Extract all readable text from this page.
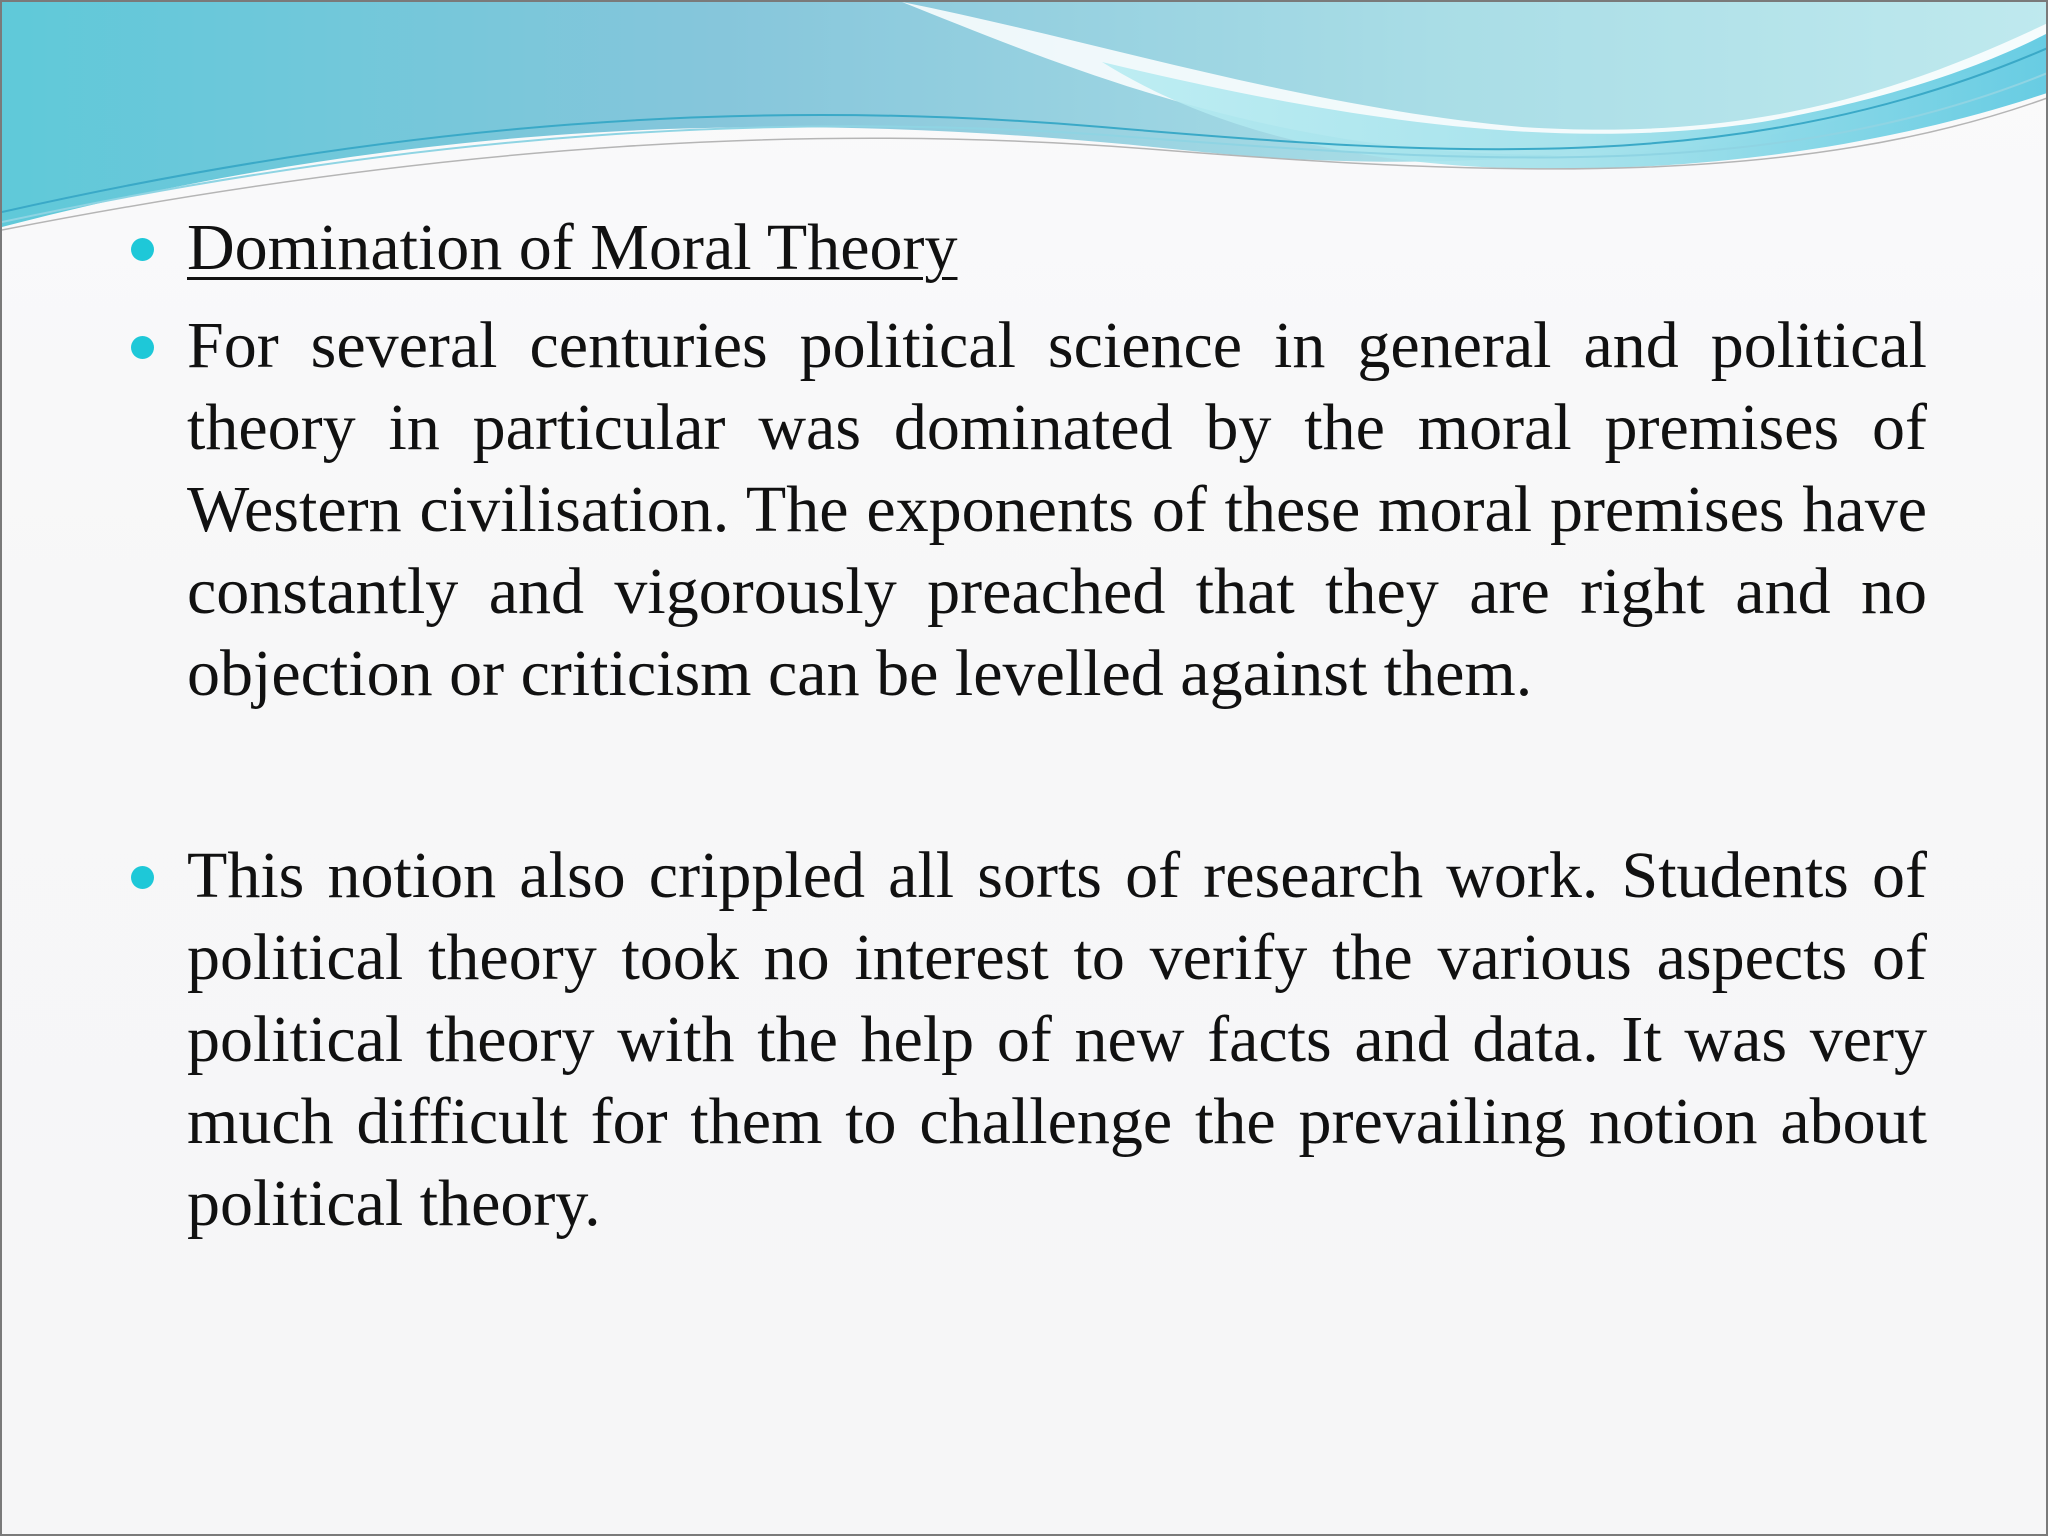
Domination of Moral Theory
For several centuries political science in general and political theory in particular was dominated by the moral premises of Western civilisation. The exponents of these moral premises have constantly and vigorously preached that they are right and no objection or criticism can be levelled against them.
This notion also crippled all sorts of research work. Students of political theory took no interest to verify the various aspects of political theory with the help of new facts and data. It was very much difficult for them to challenge the prevailing notion about political theory.
